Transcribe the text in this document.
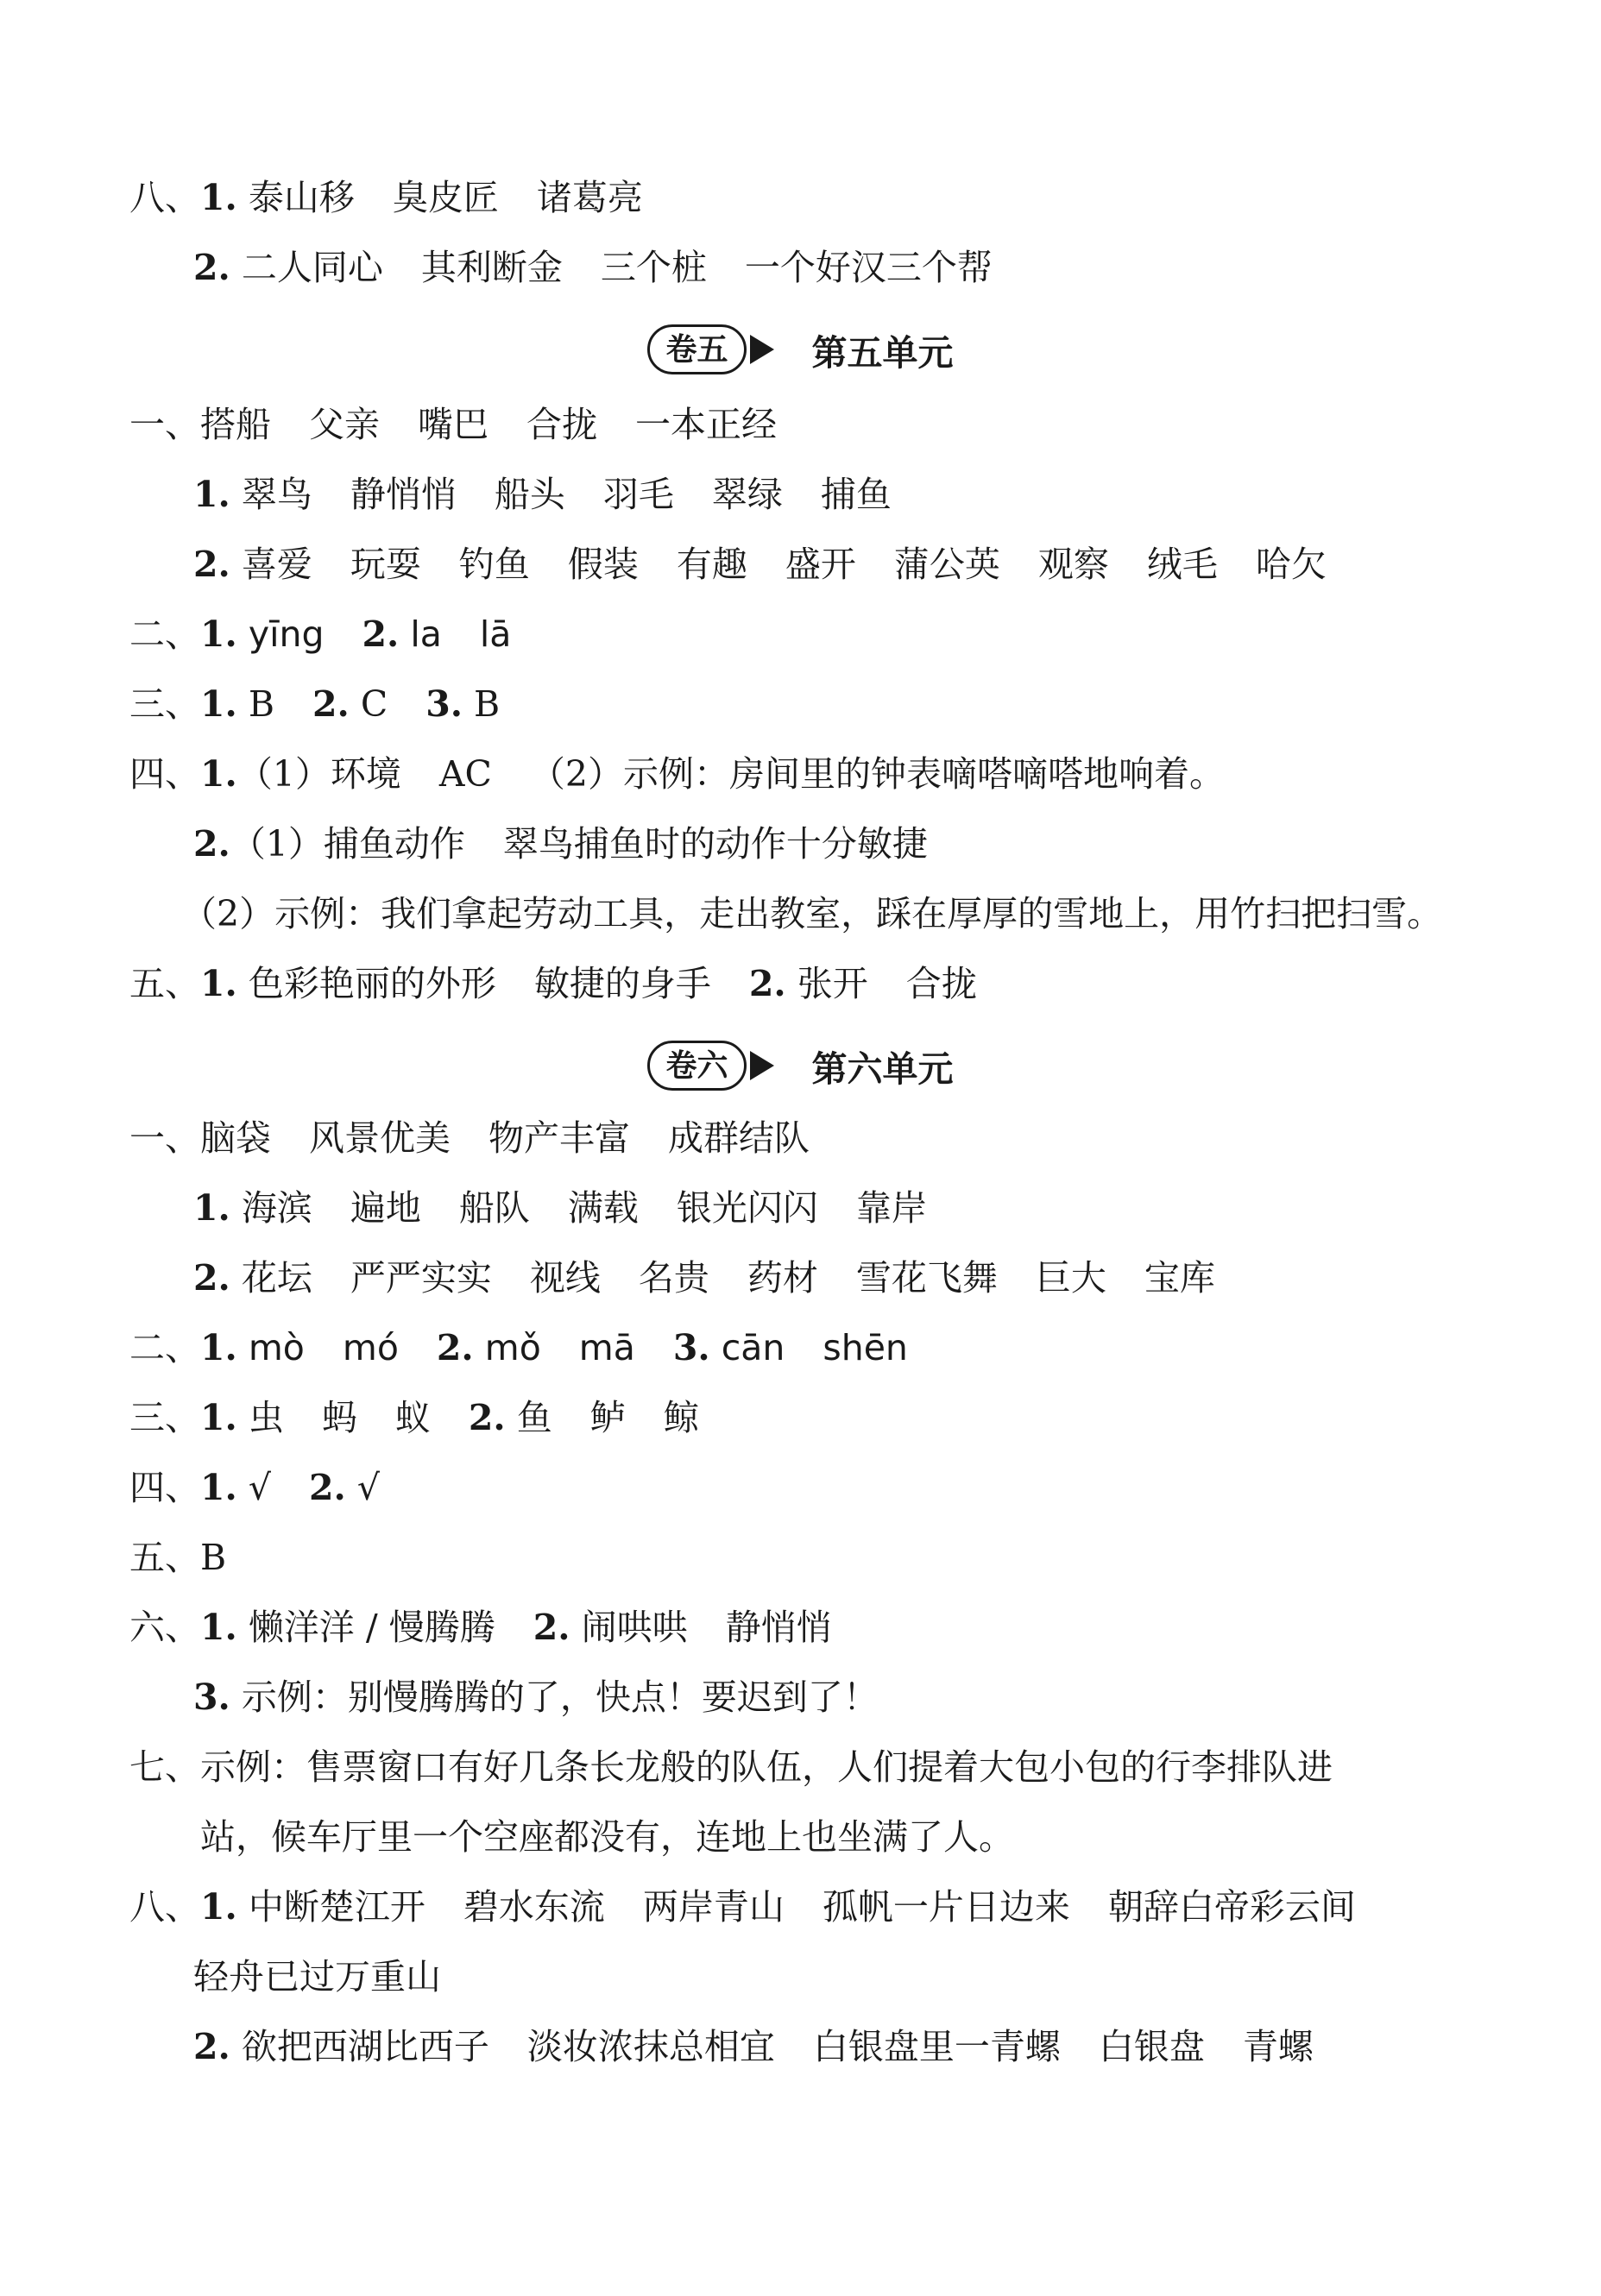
八、1. 泰山移 臭皮匠 诸葛亮
2. 二人同心 其利断金 三个桩 一个好汉三个帮
卷五	第五单元
一、搭船 父亲 嘴巴 合拢 一本正经
1. 翠鸟 静悄悄 船头 羽毛 翠绿 捕鱼
2. 喜爱 玩耍 钓鱼 假装 有趣 盛开 蒲公英 观察 绒毛 哈欠
二、1. yīng 2. la lā
三、1. B 2. C 3. B
四、1.（1）环境 AC （2）示例：房间里的钟表嘀嗒嘀嗒地响着。
2.（1）捕鱼动作 翠鸟捕鱼时的动作十分敏捷
（2）示例：我们拿起劳动工具，走出教室，踩在厚厚的雪地上，用竹扫把扫雪。
五、1. 色彩艳丽的外形 敏捷的身手 2. 张开 合拢
卷六	第六单元
一、脑袋 风景优美 物产丰富 成群结队
1. 海滨 遍地 船队 满载 银光闪闪 靠岸
2. 花坛 严严实实 视线 名贵 药材 雪花飞舞 巨大 宝库
二、1. mò mó 2. mǒ mā 3. cān shēn
三、1. 虫 蚂 蚁 2. 鱼 鲈 鲸
四、1. √ 2. √
五、B
六、1. 懒洋洋 / 慢腾腾 2. 闹哄哄 静悄悄
3. 示例：别慢腾腾的了，快点！要迟到了！
七、示例：售票窗口有好几条长龙般的队伍，人们提着大包小包的行李排队进
站，候车厅里一个空座都没有，连地上也坐满了人。
八、1. 中断楚江开 碧水东流 两岸青山 孤帆一片日边来 朝辞白帝彩云间
轻舟已过万重山
2. 欲把西湖比西子 淡妆浓抹总相宜 白银盘里一青螺 白银盘 青螺
